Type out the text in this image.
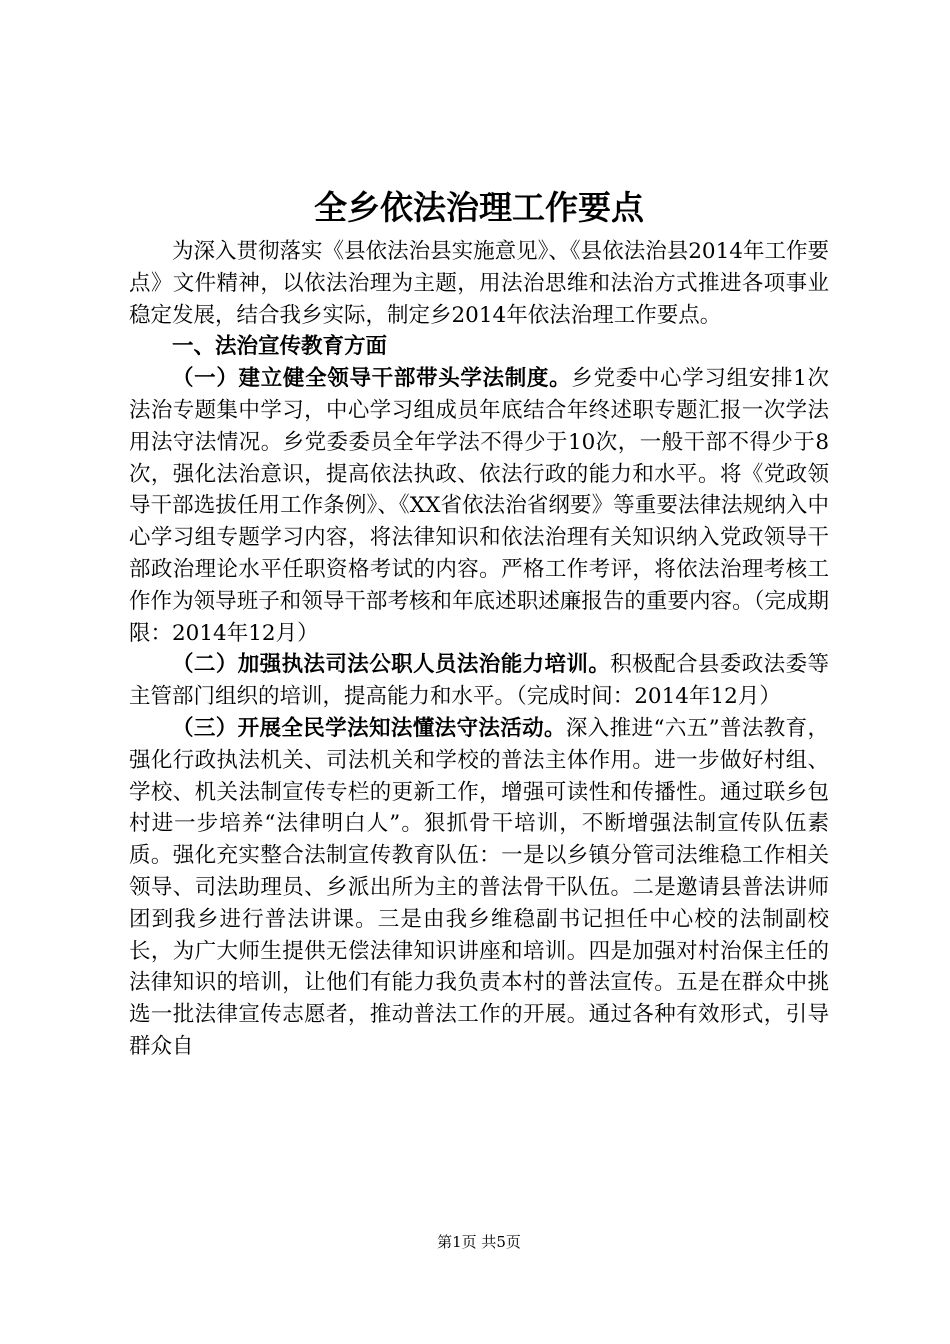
全乡依法治理工作要点

为深入贯彻落实《县依法治县实施意见》、《县依法治县2014年工作要点》文件精神，以依法治理为主题，用法治思维和法治方式推进各项事业稳定发展，结合我乡实际，制定乡2014年依法治理工作要点。

一、法治宣传教育方面

（一）建立健全领导干部带头学法制度。乡党委中心学习组安排1次法治专题集中学习，中心学习组成员年底结合年终述职专题汇报一次学法用法守法情况。乡党委委员全年学法不得少于10次，一般干部不得少于8次，强化法治意识，提高依法执政、依法行政的能力和水平。将《党政领导干部选拔任用工作条例》、《XX省依法治省纲要》等重要法律法规纳入中心学习组专题学习内容，将法律知识和依法治理有关知识纳入党政领导干部政治理论水平任职资格考试的内容。严格工作考评，将依法治理考核工作作为领导班子和领导干部考核和年底述职述廉报告的重要内容。（完成期限：2014年12月）

（二）加强执法司法公职人员法治能力培训。积极配合县委政法委等主管部门组织的培训，提高能力和水平。（完成时间：2014年12月）

（三）开展全民学法知法懂法守法活动。深入推进“六五”普法教育，强化行政执法机关、司法机关和学校的普法主体作用。进一步做好村组、学校、机关法制宣传专栏的更新工作，增强可读性和传播性。通过联乡包村进一步培养“法律明白人”。狠抓骨干培训，不断增强法制宣传队伍素质。强化充实整合法制宣传教育队伍：一是以乡镇分管司法维稳工作相关领导、司法助理员、乡派出所为主的普法骨干队伍。二是邀请县普法讲师团到我乡进行普法讲课。三是由我乡维稳副书记担任中心校的法制副校长，为广大师生提供无偿法律知识讲座和培训。四是加强对村治保主任的法律知识的培训，让他们有能力我负责本村的普法宣传。五是在群众中挑选一批法律宣传志愿者，推动普法工作的开展。通过各种有效形式，引导群众自

第1页 共5页
